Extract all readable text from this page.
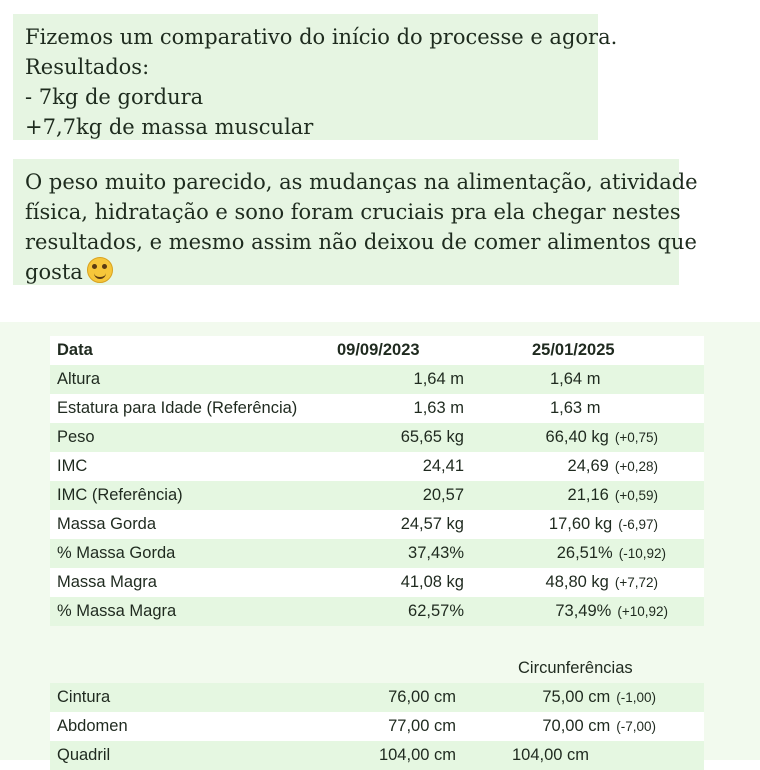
Fizemos um comparativo do início do processe e agora.
Resultados:
- 7kg de gordura
+7,7kg de massa muscular
O peso muito parecido, as mudanças na alimentação, atividade
física, hidratação e sono foram cruciais pra ela chegar nestes
resultados, e mesmo assim não deixou de comer alimentos que
gosta
Data	09/09/2023	25/01/2025
Altura	1,64 m	1,64 m
Estatura para Idade (Referência)	1,63 m	1,63 m
Peso	65,65 kg	66,40 kg (+0,75)
IMC	24,41	24,69 (+0,28)
IMC (Referência)	20,57	21,16 (+0,59)
Massa Gorda	24,57 kg	17,60 kg (-6,97)
% Massa Gorda	37,43%	26,51% (-10,92)
Massa Magra	41,08 kg	48,80 kg (+7,72)
% Massa Magra	62,57%	73,49% (+10,92)
Circunferências
Cintura	76,00 cm	75,00 cm (-1,00)
Abdomen	77,00 cm	70,00 cm (-7,00)
Quadril	104,00 cm	104,00 cm
